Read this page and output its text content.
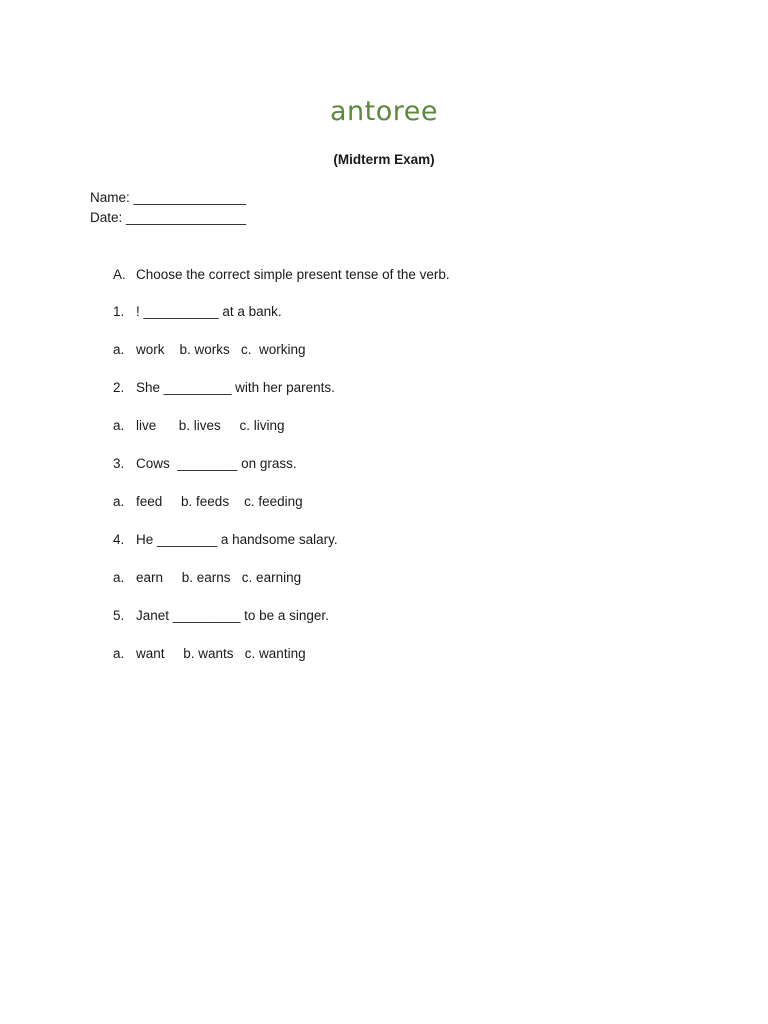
antoree
(Midterm Exam)
Name: _______________
Date: ________________
A. Choose the correct simple present tense of the verb.
1. ! __________ at a bank.
a. work    b. works   c.  working
2. She _________ with her parents.
a. live      b. lives     c. living
3. Cows  ________ on grass.
a. feed     b. feeds    c. feeding
4. He ________ a handsome salary.
a. earn     b. earns   c. earning
5. Janet _________ to be a singer.
a. want     b. wants   c. wanting
